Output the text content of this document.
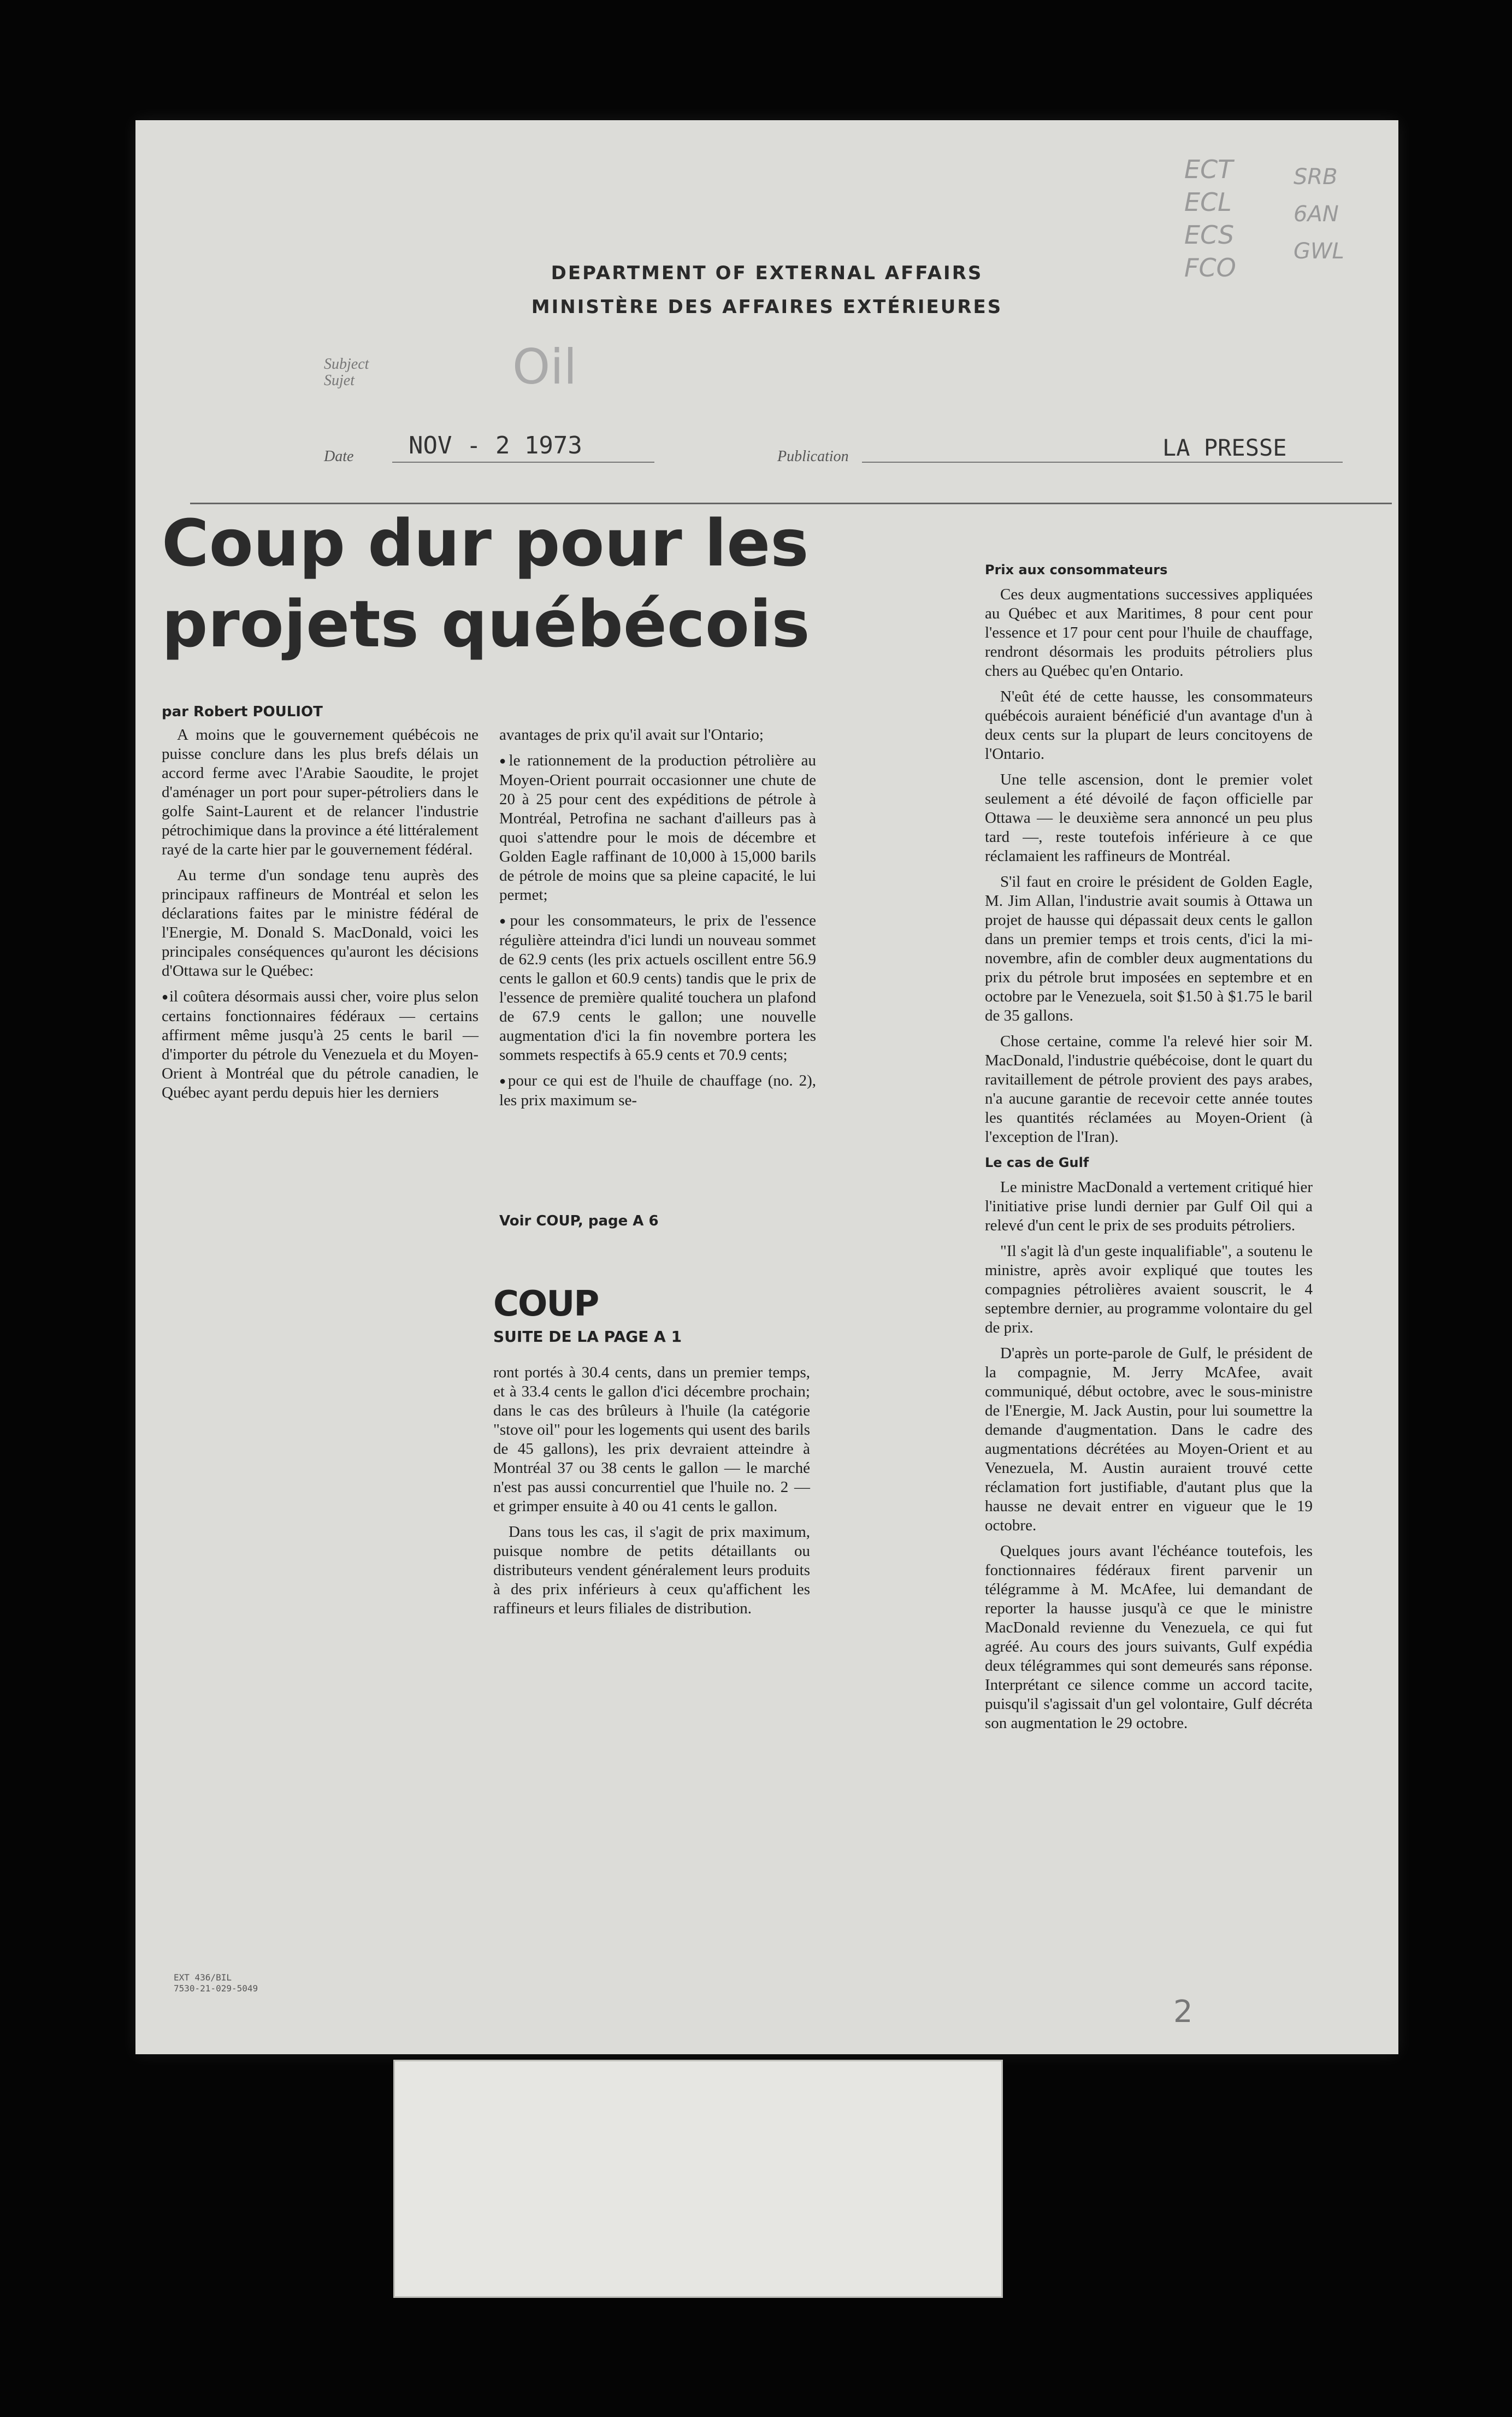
DEPARTMENT OF EXTERNAL AFFAIRS
MINISTÈRE DES AFFAIRES EXTÉRIEURES
ECT
ECL
ECS
FCO
SRB
6AN
GWL
Subject
Sujet	Oil
Date NOV - 2 1973	Publication	LA PRESSE
Coup dur pour les projets québécois
par Robert POULIOT

A moins que le gouvernement québécois ne puisse conclure dans les plus brefs délais un accord ferme avec l'Arabie Saoudite, le projet d'aménager un port pour super-pétroliers dans le golfe Saint-Laurent et de relancer l'industrie pétrochimique dans la province a été littéralement rayé de la carte hier par le gouvernement fédéral.

Au terme d'un sondage tenu auprès des principaux raffineurs de Montréal et selon les déclarations faites par le ministre fédéral de l'Energie, M. Donald S. MacDonald, voici les principales conséquences qu'auront les décisions d'Ottawa sur le Québec:

● il coûtera désormais aussi cher, voire plus selon certains fonctionnaires fédéraux — certains affirment même jusqu'à 25 cents le baril — d'importer du pétrole du Venezuela et du Moyen-Orient à Montréal que du pétrole canadien, le Québec ayant perdu depuis hier les derniers

avantages de prix qu'il avait sur l'Ontario;

● le rationnement de la production pétrolière au Moyen-Orient pourrait occasionner une chute de 20 à 25 pour cent des expéditions de pétrole à Montréal, Petrofina ne sachant d'ailleurs pas à quoi s'attendre pour le mois de décembre et Golden Eagle raffinant de 10,000 à 15,000 barils de pétrole de moins que sa pleine capacité, le lui permet;

● pour les consommateurs, le prix de l'essence régulière atteindra d'ici lundi un nouveau sommet de 62.9 cents (les prix actuels oscillent entre 56.9 cents le gallon et 60.9 cents) tandis que le prix de l'essence de première qualité touchera un plafond de 67.9 cents le gallon; une nouvelle augmentation d'ici la fin novembre portera les sommets respectifs à 65.9 cents et 70.9 cents;

● pour ce qui est de l'huile de chauffage (no. 2), les prix maximum se-

Voir COUP, page A 6
COUP
SUITE DE LA PAGE A 1

ront portés à 30.4 cents, dans un premier temps, et à 33.4 cents le gallon d'ici décembre prochain; dans le cas des brûleurs à l'huile (la catégorie "stove oil" pour les logements qui usent des barils de 45 gallons), les prix devraient atteindre à Montréal 37 ou 38 cents le gallon — le marché n'est pas aussi concurrentiel que l'huile no. 2 — et grimper ensuite à 40 ou 41 cents le gallon.

Dans tous les cas, il s'agit de prix maximum, puisque nombre de petits détaillants ou distributeurs vendent généralement leurs produits à des prix inférieurs à ceux qu'affichent les raffineurs et leurs filiales de distribution.

Prix aux consommateurs

Ces deux augmentations successives appliquées au Québec et aux Maritimes, 8 pour cent pour l'essence et 17 pour cent pour l'huile de chauffage, rendront désormais les produits pétroliers plus chers au Québec qu'en Ontario.

N'eût été de cette hausse, les consommateurs québécois auraient bénéficié d'un avantage d'un à deux cents sur la plupart de leurs concitoyens de l'Ontario.

Une telle ascension, dont le premier volet seulement a été dévoilé de façon officielle par Ottawa — le deuxième sera annoncé un peu plus tard —, reste toutefois inférieure à ce que réclamaient les raffineurs de Montréal.

S'il faut en croire le président de Golden Eagle, M. Jim Allan, l'industrie avait soumis à Ottawa un projet de hausse qui dépassait deux cents le gallon dans un premier temps et trois cents, d'ici la mi-novembre, afin de combler deux augmentations du prix du pétrole brut imposées en septembre et en octobre par le Venezuela, soit $1.50 à $1.75 le baril de 35 gallons.

Chose certaine, comme l'a relevé hier soir M. MacDonald, l'industrie québécoise, dont le quart du ravitaillement de pétrole provient des pays arabes, n'a aucune garantie de recevoir cette année toutes les quantités réclamées au Moyen-Orient (à l'exception de l'Iran).

Le cas de Gulf

Le ministre MacDonald a vertement critiqué hier l'initiative prise lundi dernier par Gulf Oil qui a relevé d'un cent le prix de ses produits pétroliers.

"Il s'agit là d'un geste inqualifiable", a soutenu le ministre, après avoir expliqué que toutes les compagnies pétrolières avaient souscrit, le 4 septembre dernier, au programme volontaire du gel de prix.

D'après un porte-parole de Gulf, le président de la compagnie, M. Jerry McAfee, avait communiqué, début octobre, avec le sous-ministre de l'Energie, M. Jack Austin, pour lui soumettre la demande d'augmentation. Dans le cadre des augmentations décrétées au Moyen-Orient et au Venezuela, M. Austin auraient trouvé cette réclamation fort justifiable, d'autant plus que la hausse ne devait entrer en vigueur que le 19 octobre.

Quelques jours avant l'échéance toutefois, les fonctionnaires fédéraux firent parvenir un télégramme à M. McAfee, lui demandant de reporter la hausse jusqu'à ce que le ministre MacDonald revienne du Venezuela, ce qui fut agréé. Au cours des jours suivants, Gulf expédia deux télégrammes qui sont demeurés sans réponse. Interprétant ce silence comme un accord tacite, puisqu'il s'agissait d'un gel volontaire, Gulf décréta son augmentation le 29 octobre.

EXT 436/BIL
7530-21-029-5049
2
